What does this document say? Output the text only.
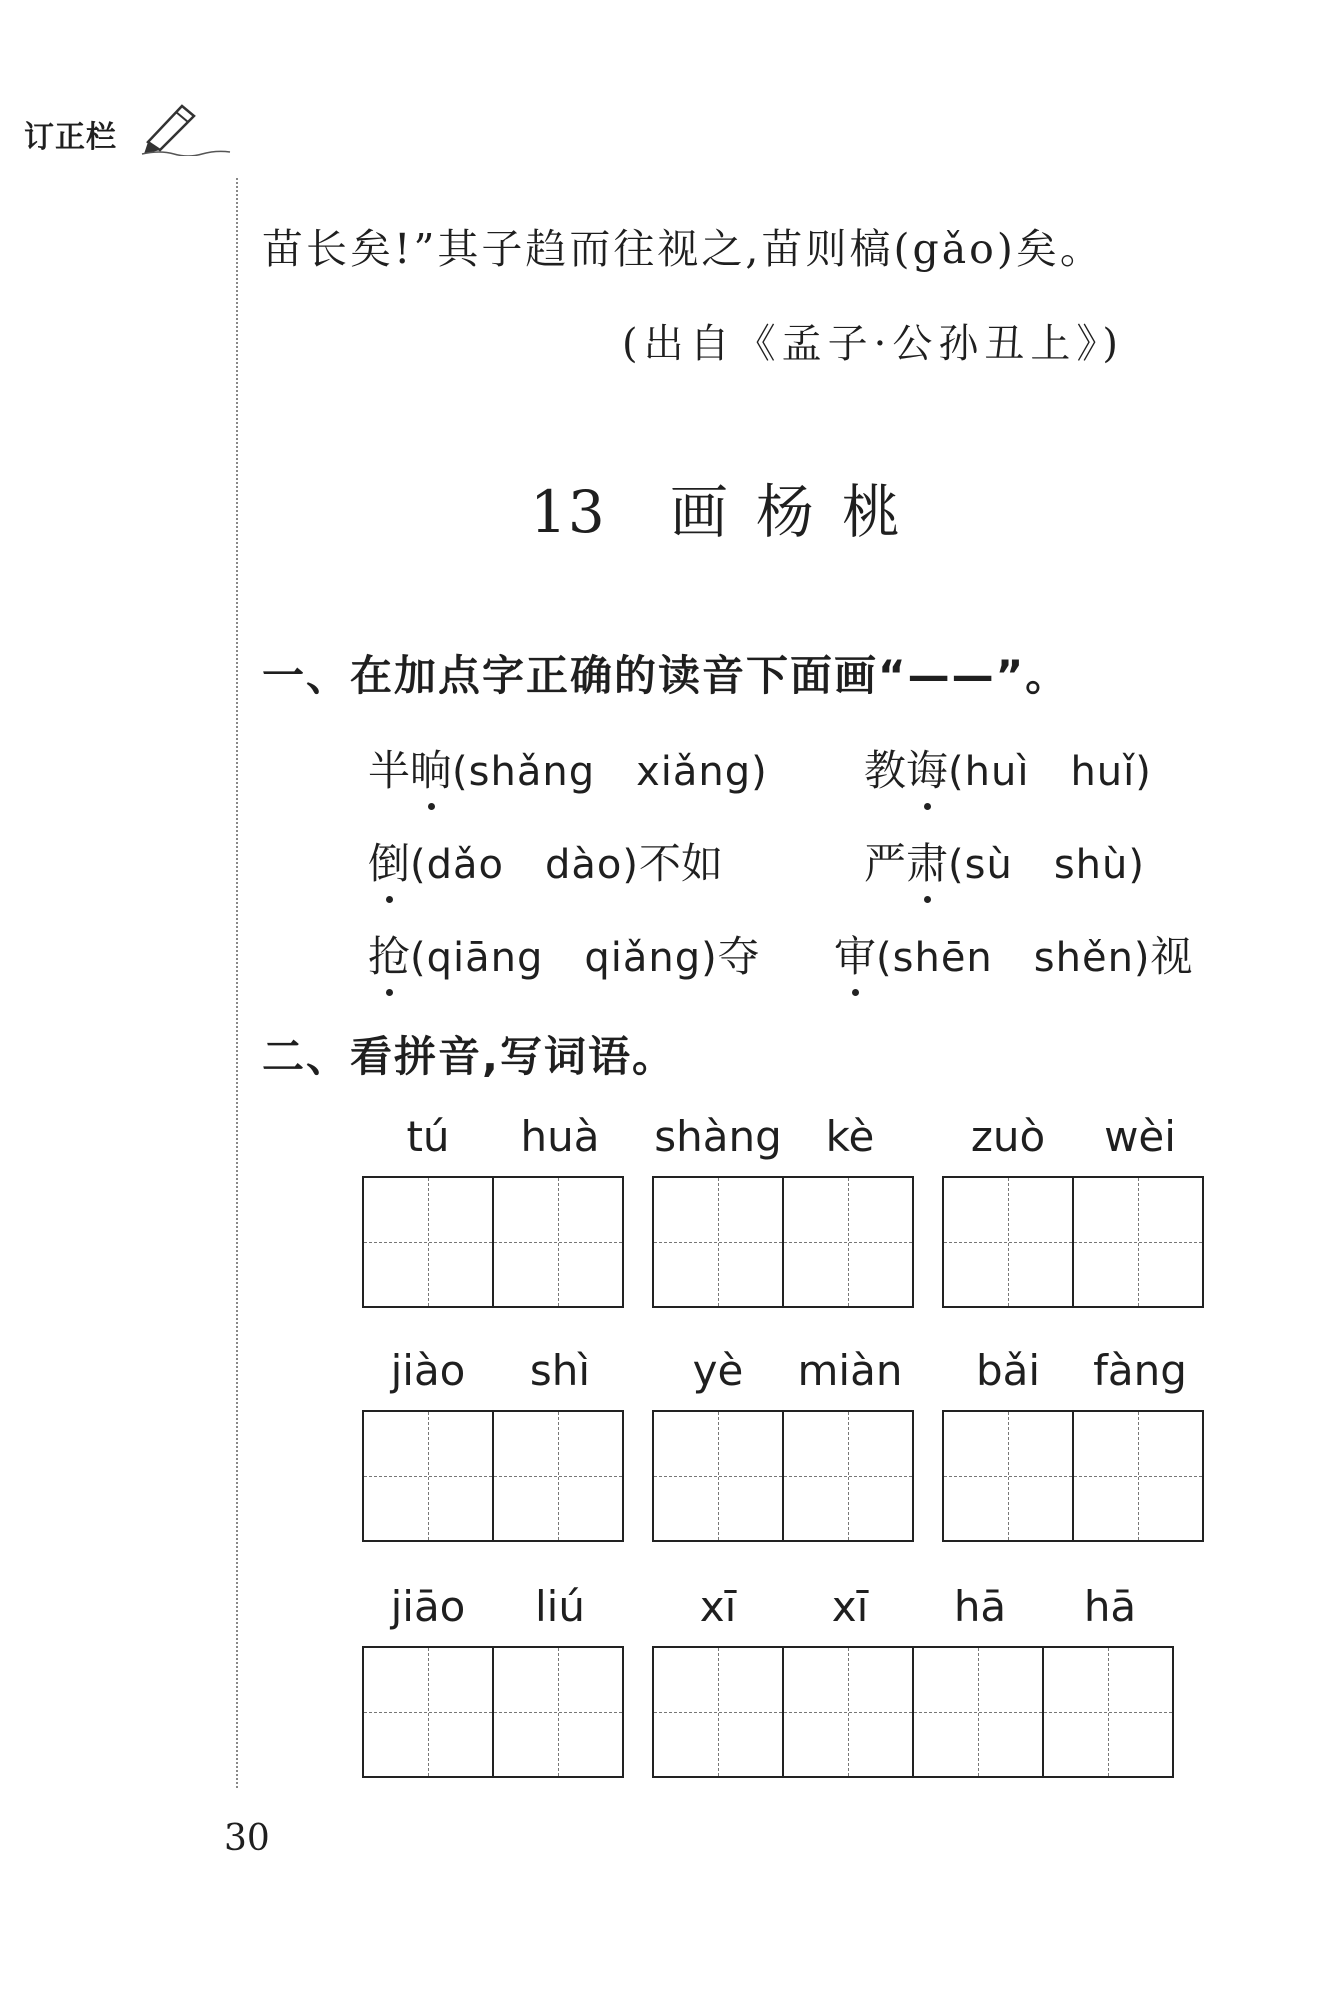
订正栏
苗长矣!”其子趋而往视之,苗则槁(gǎo)矣。
(出自《孟子·公孙丑上》)
13 画杨桃
一、在加点字正确的读音下面画“——”。
半晌(shǎng　xiǎng) 教诲(huì　huǐ)
倒(dǎo　dào)不如	严肃(sù　shù)
抢(qiāng　qiǎng)夺 审(shēn　shěn)视
二、看拼音,写词语。
tú	huà	shàng	kè	zuò	wèi
jiào	shì	yè	miàn	bǎi	fàng
jiāo	liú	xī	xī	hā	hā
30
